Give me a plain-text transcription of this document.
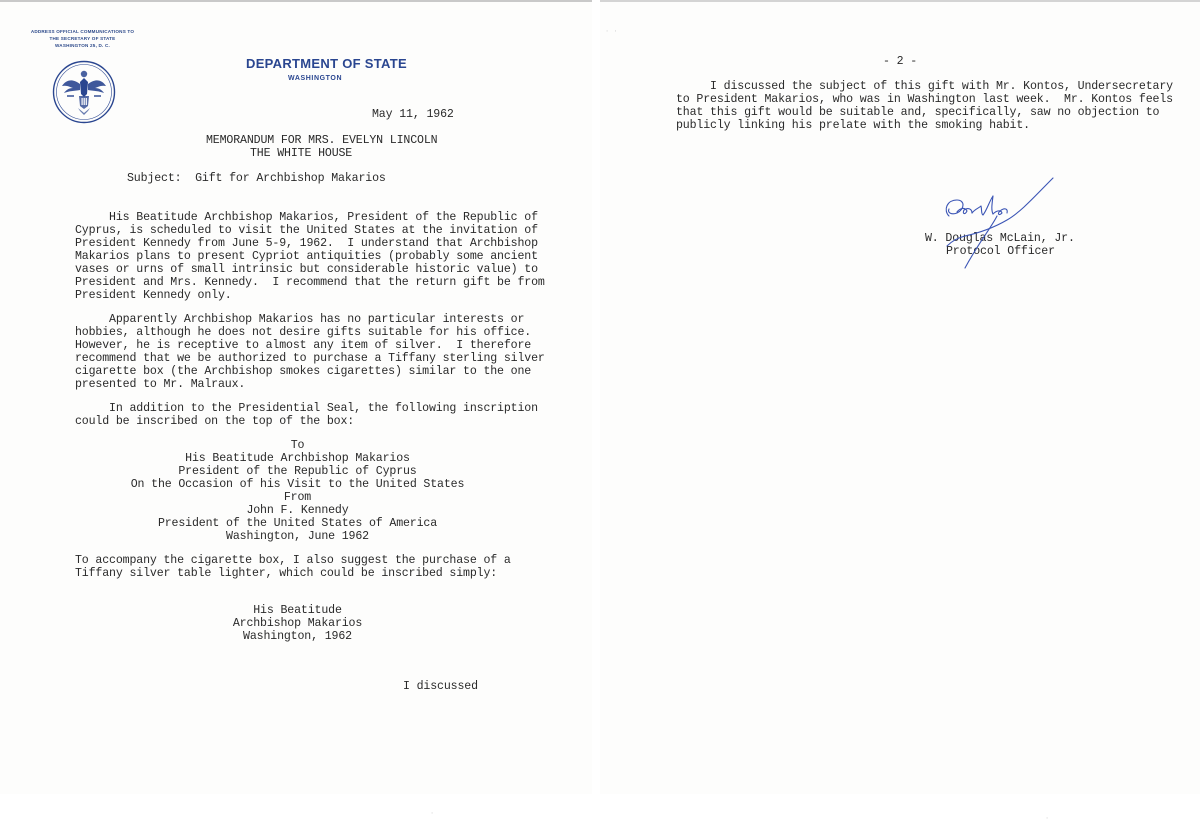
ADDRESS OFFICIAL COMMUNICATIONS TO
THE SECRETARY OF STATE
WASHINGTON 25, D. C.
DEPARTMENT OF STATE
WASHINGTON
May 11, 1962
MEMORANDUM FOR MRS. EVELYN LINCOLN
THE WHITE HOUSE
Subject:  Gift for Archbishop Makarios
His Beatitude Archbishop Makarios, President of the Republic of
Cyprus, is scheduled to visit the United States at the invitation of
President Kennedy from June 5-9, 1962.  I understand that Archbishop
Makarios plans to present Cypriot antiquities (probably some ancient
vases or urns of small intrinsic but considerable historic value) to
President and Mrs. Kennedy.  I recommend that the return gift be from
President Kennedy only.
Apparently Archbishop Makarios has no particular interests or
hobbies, although he does not desire gifts suitable for his office.
However, he is receptive to almost any item of silver.  I therefore
recommend that we be authorized to purchase a Tiffany sterling silver
cigarette box (the Archbishop smokes cigarettes) similar to the one
presented to Mr. Malraux.
In addition to the Presidential Seal, the following inscription
could be inscribed on the top of the box:
To
His Beatitude Archbishop Makarios
President of the Republic of Cyprus
On the Occasion of his Visit to the United States
From
John F. Kennedy
President of the United States of America
Washington, June 1962
To accompany the cigarette box, I also suggest the purchase of a
Tiffany silver table lighter, which could be inscribed simply:
His Beatitude
Archbishop Makarios
Washington, 1962
I discussed
- 2 -
I discussed the subject of this gift with Mr. Kontos, Undersecretary
to President Makarios, who was in Washington last week.  Mr. Kontos feels
that this gift would be suitable and, specifically, saw no objection to
publicly linking his prelate with the smoking habit.
W. Douglas McLain, Jr.
Protocol Officer
· ·
·
·
